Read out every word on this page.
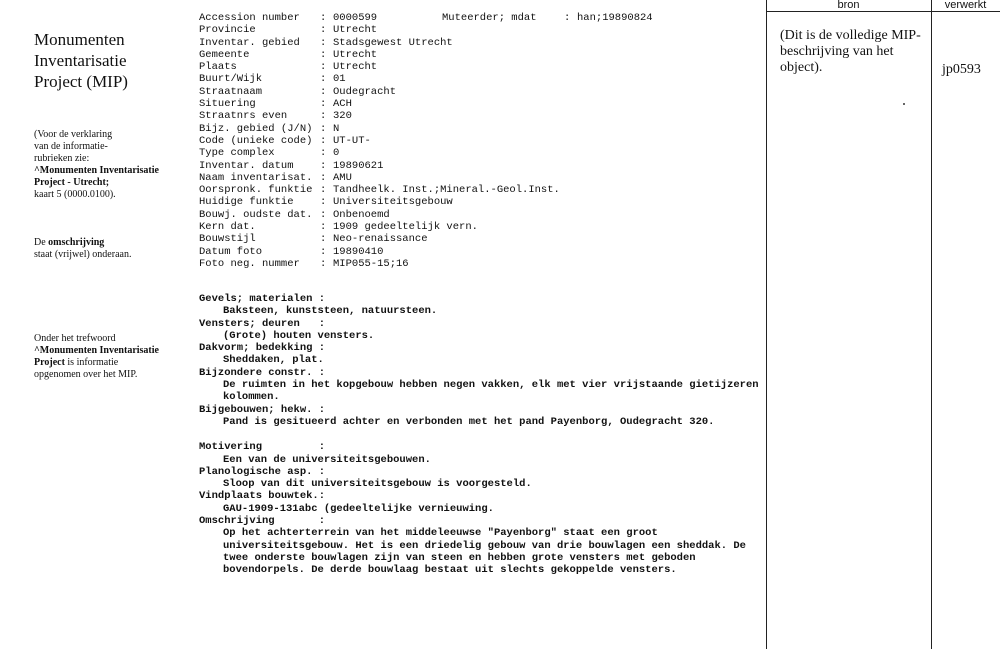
Monumenten
Inventarisatie
Project (MIP)
(Voor de verklaring
van de informatie-
rubrieken zie:
^Monumenten Inventarisatie
Project - Utrecht;
kaart 5 (0000.0100).
De omschrijving
staat (vrijwel) onderaan.
Onder het trefwoord
^Monumenten Inventarisatie
Project is informatie
opgenomen over het MIP.
Accession number : 0000599	Muteerder; mdat	: han;19890824
Provincie	: Utrecht
Inventar. gebied : Stadsgewest Utrecht
Gemeente	: Utrecht
Plaats	: Utrecht
Buurt/Wijk	: 01
Straatnaam	: Oudegracht
Situering	: ACH
Straatnrs even	: 320
Bijz. gebied (J/N) : N
Code (unieke code) : UT-UT-
Type complex	: 0
Inventar. datum	: 19890621
Naam inventarisat. : AMU
Oorspronk. funktie : Tandheelk. Inst.;Mineral.-Geol.Inst.
Huidige funktie	: Universiteitsgebouw
Bouwj. oudste dat. : Onbenoemd
Kern dat.	: 1909 gedeeltelijk vern.
Bouwstijl	: Neo-renaissance
Datum foto	: 19890410
Foto neg. nummer : MIP055-15;16
Gevels; materialen :
Baksteen, kunststeen, natuursteen.
Vensters; deuren   :
(Grote) houten vensters.
Dakvorm; bedekking :
Sheddaken, plat.
Bijzondere constr. :
De ruimten in het kopgebouw hebben negen vakken, elk met vier vrijstaande gietijzeren kolommen.
Bijgebouwen; hekw. :
Pand is gesitueerd achter en verbonden met het pand Payenborg, Oudegracht 320.
Motivering         :
Een van de universiteitsgebouwen.
Planologische asp. :
Sloop van dit universiteitsgebouw is voorgesteld.
Vindplaats bouwtek.:
GAU-1909-131abc (gedeeltelijke vernieuwing.
Omschrijving       :
Op het achterterrein van het middeleeuwse "Payenborg" staat een groot universiteitsgebouw. Het is een driedelig gebouw van drie bouwlagen een sheddak. De twee onderste bouwlagen zijn van steen en hebben grote vensters met geboden bovendorpels. De derde bouwlaag bestaat uit slechts gekoppelde vensters.
bron	verwerkt
(Dit is de volledige MIP-beschrijving van het object).	jp0593
